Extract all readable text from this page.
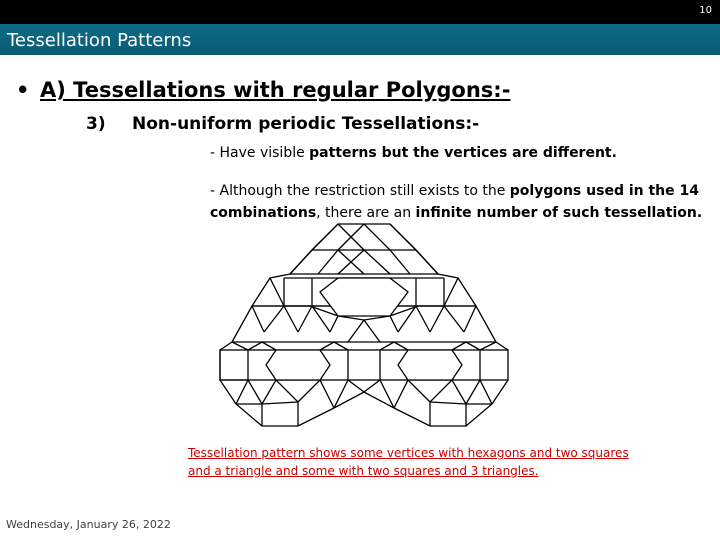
10
Tessellation Patterns
• A) Tessellations with regular Polygons:-
3) Non-uniform periodic Tessellations:-
- Have visible patterns but the vertices are different.
- Although the restriction still exists to the polygons used in the 14 combinations, there are an infinite number of such tessellation.
Tessellation pattern shows some vertices with hexagons and two squares and a triangle and some with two squares and 3 triangles.
Wednesday, January 26, 2022
